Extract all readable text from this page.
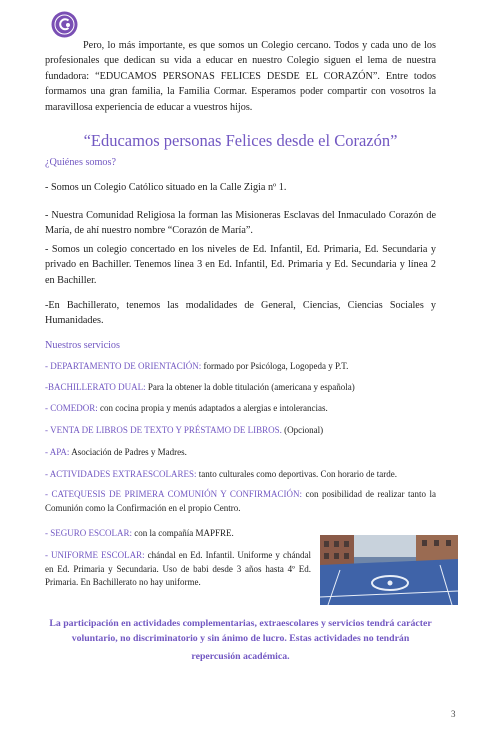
Pero, lo más importante, es que somos un Colegio cercano. Todos y cada uno de los profesionales que dedican su vida a educar en nuestro Colegio siguen el lema de nuestra fundadora: “EDUCAMOS PERSONAS FELICES DESDE EL CORAZÓN”. Entre todos formamos una gran familia, la Familia Cormar. Esperamos poder compartir con vosotros la maravillosa experiencia de educar a vuestros hijos.

“Educamos personas Felices desde el Corazón”

¿Quiénes somos?

- Somos un Colegio Católico situado en la Calle Zigia nº 1.

- Nuestra Comunidad Religiosa la forman las Misioneras Esclavas del Inmaculado Corazón de María, de ahí nuestro nombre “Corazón de María”.

- Somos un colegio concertado en los niveles de Ed. Infantil, Ed. Primaria, Ed. Secundaria y privado en Bachiller. Tenemos línea 3 en Ed. Infantil, Ed. Primaria y Ed. Secundaria y línea 2 en Bachiller.

-En Bachillerato, tenemos las modalidades de General, Ciencias, Ciencias Sociales y Humanidades.

Nuestros servicios

- DEPARTAMENTO DE ORIENTACIÓN: formado por Psicóloga, Logopeda y P.T.

-BACHILLERATO DUAL: Para la obtener la doble titulación (americana y española)

- COMEDOR: con cocina propia y menús adaptados a alergias e intolerancias.

- VENTA DE LIBROS DE TEXTO Y PRÉSTAMO DE LIBROS. (Opcional)

- APA: Asociación de Padres y Madres.

- ACTIVIDADES EXTRAESCOLARES: tanto culturales como deportivas. Con horario de tarde.

- CATEQUESIS DE PRIMERA COMUNIÓN Y CONFIRMACIÓN: con posibilidad de realizar tanto la Comunión como la Confirmación en el propio Centro.

- SEGURO ESCOLAR: con la compañía MAPFRE.

- UNIFORME ESCOLAR: chándal en Ed. Infantil. Uniforme y chándal en Ed. Primaria y Secundaria. Uso de babi desde 3 años hasta 4º Ed. Primaria. En Bachillerato no hay uniforme.

La participación en actividades complementarias, extraescolares y servicios tendrá carácter
voluntario, no discriminatorio y sin ánimo de lucro. Estas actividades no tendrán
repercusión académica.

3
